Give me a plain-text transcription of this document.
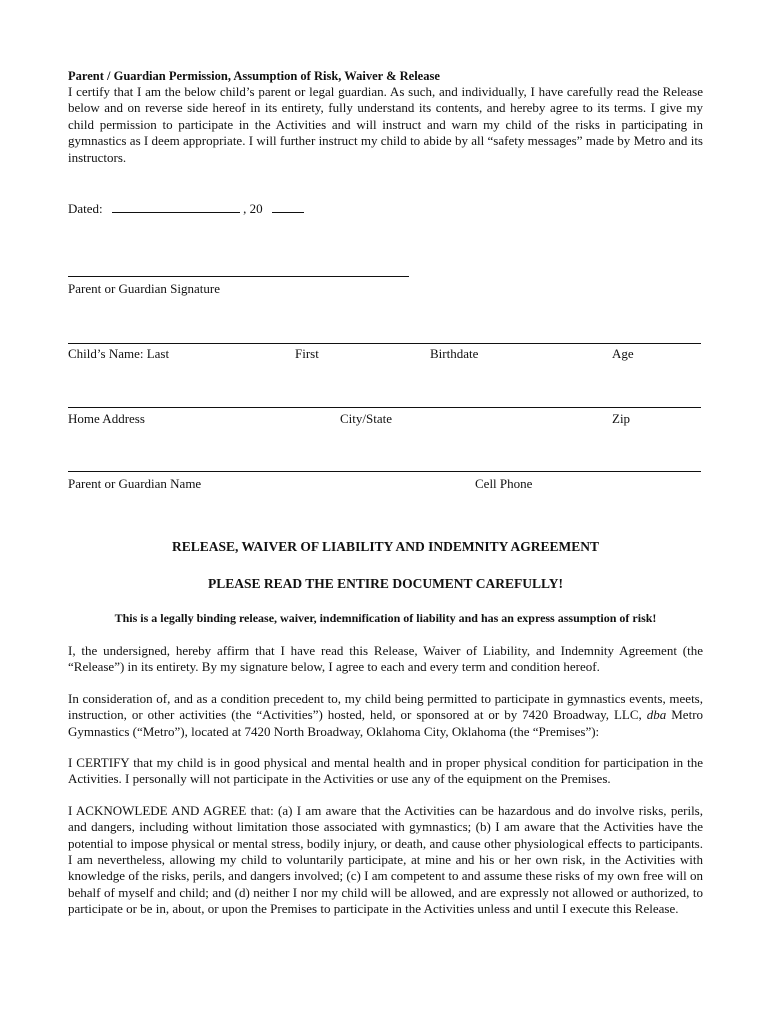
Parent / Guardian Permission, Assumption of Risk, Waiver & Release

I certify that I am the below child’s parent or legal guardian. As such, and individually, I have carefully read the Release below and on reverse side hereof in its entirety, fully understand its contents, and hereby agree to its terms. I give my child permission to participate in the Activities and will instruct and warn my child of the risks in participating in gymnastics as I deem appropriate. I will further instruct my child to abide by all “safety messages” made by Metro and its instructors.

Dated:	, 20
Parent or Guardian Signature
Child’s Name: Last	First	Birthdate	Age
Home Address	City/State	Zip
Parent or Guardian Name	Cell Phone
RELEASE, WAIVER OF LIABILITY AND INDEMNITY AGREEMENT
PLEASE READ THE ENTIRE DOCUMENT CAREFULLY!
This is a legally binding release, waiver, indemnification of liability and has an express assumption of risk!

I, the undersigned, hereby affirm that I have read this Release, Waiver of Liability, and Indemnity Agreement (the “Release”) in its entirety. By my signature below, I agree to each and every term and condition hereof.

In consideration of, and as a condition precedent to, my child being permitted to participate in gymnastics events, meets, instruction, or other activities (the “Activities”) hosted, held, or sponsored at or by 7420 Broadway, LLC, dba Metro Gymnastics (“Metro”), located at 7420 North Broadway, Oklahoma City, Oklahoma (the “Premises”):

I CERTIFY that my child is in good physical and mental health and in proper physical condition for participation in the Activities. I personally will not participate in the Activities or use any of the equipment on the Premises.

I ACKNOWLEDE AND AGREE that: (a) I am aware that the Activities can be hazardous and do involve risks, perils, and dangers, including without limitation those associated with gymnastics; (b) I am aware that the Activities have the potential to impose physical or mental stress, bodily injury, or death, and cause other physiological effects to participants. I am nevertheless, allowing my child to voluntarily participate, at mine and his or her own risk, in the Activities with knowledge of the risks, perils, and dangers involved; (c) I am competent to and assume these risks of my own free will on behalf of myself and child; and (d) neither I nor my child will be allowed, and are expressly not allowed or authorized, to participate or be in, about, or upon the Premises to participate in the Activities unless and until I execute this Release.
